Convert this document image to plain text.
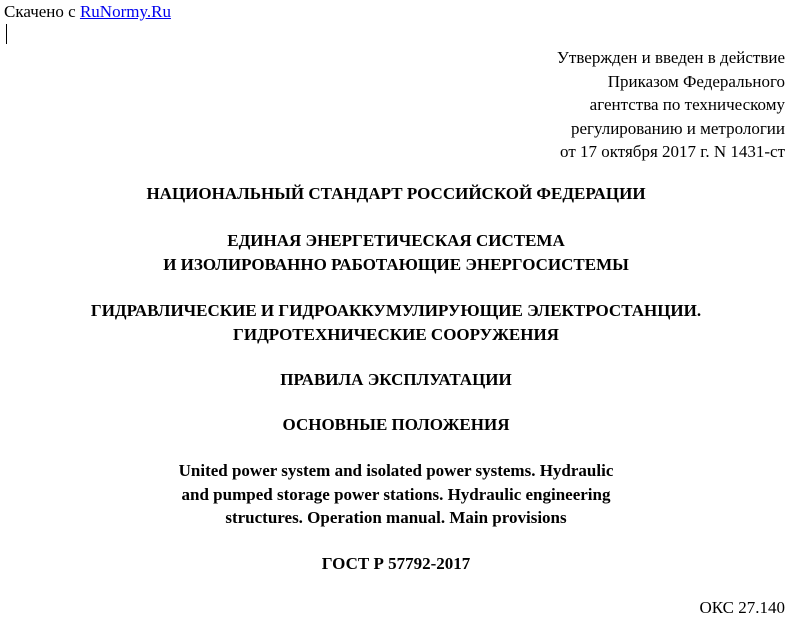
Скачено с RuNormy.Ru
Утвержден и введен в действие
Приказом Федерального
агентства по техническому
регулированию и метрологии
от 17 октября 2017 г. N 1431-ст
НАЦИОНАЛЬНЫЙ СТАНДАРТ РОССИЙСКОЙ ФЕДЕРАЦИИ
ЕДИНАЯ ЭНЕРГЕТИЧЕСКАЯ СИСТЕМА
И ИЗОЛИРОВАННО РАБОТАЮЩИЕ ЭНЕРГОСИСТЕМЫ
ГИДРАВЛИЧЕСКИЕ И ГИДРОАККУМУЛИРУЮЩИЕ ЭЛЕКТРОСТАНЦИИ.
ГИДРОТЕХНИЧЕСКИЕ СООРУЖЕНИЯ
ПРАВИЛА ЭКСПЛУАТАЦИИ
ОСНОВНЫЕ ПОЛОЖЕНИЯ
United power system and isolated power systems. Hydraulic
and pumped storage power stations. Hydraulic engineering
structures. Operation manual. Main provisions
ГОСТ Р 57792-2017
ОКС 27.140
